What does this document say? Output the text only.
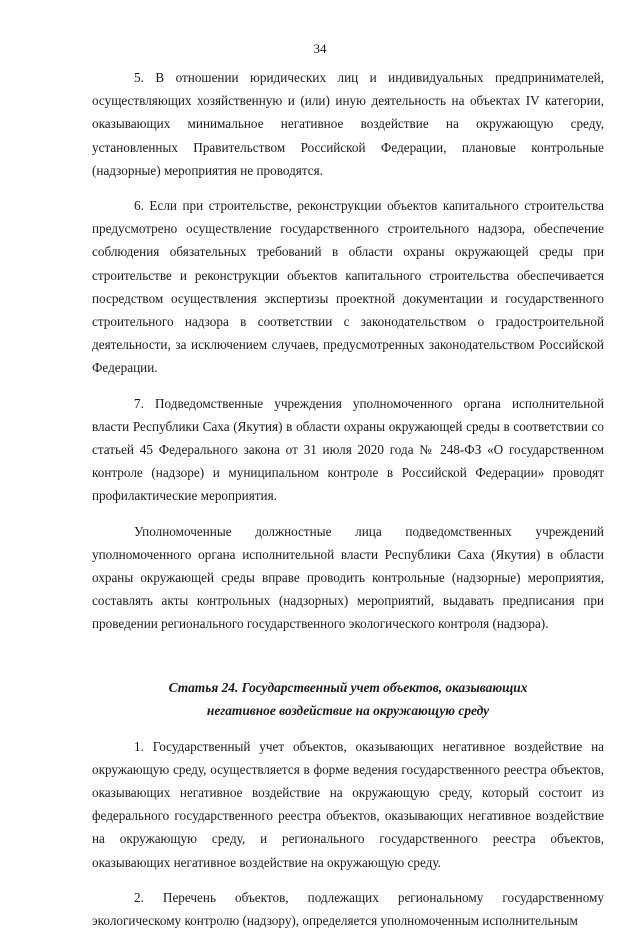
34

5. В отношении юридических лиц и индивидуальных предпринимателей, осуществляющих хозяйственную и (или) иную деятельность на объектах IV категории, оказывающих минимальное негативное воздействие на окружающую среду, установленных Правительством Российской Федерации, плановые контрольные (надзорные) мероприятия не проводятся.

6. Если при строительстве, реконструкции объектов капитального строительства предусмотрено осуществление государственного строительного надзора, обеспечение соблюдения обязательных требований в области охраны окружающей среды при строительстве и реконструкции объектов капитального строительства обеспечивается посредством осуществления экспертизы проектной документации и государственного строительного надзора в соответствии с законодательством о градостроительной деятельности, за исключением случаев, предусмотренных законодательством Российской Федерации.

7. Подведомственные учреждения уполномоченного органа исполнительной власти Республики Саха (Якутия) в области охраны окружающей среды в соответствии со статьей 45 Федерального закона от 31 июля 2020 года № 248-ФЗ «О государственном контроле (надзоре) и муниципальном контроле в Российской Федерации» проводят профилактические мероприятия.

Уполномоченные должностные лица подведомственных учреждений уполномоченного органа исполнительной власти Республики Саха (Якутия) в области охраны окружающей среды вправе проводить контрольные (надзорные) мероприятия, составлять акты контрольных (надзорных) мероприятий, выдавать предписания при проведении регионального государственного экологического контроля (надзора).

Статья 24. Государственный учет объектов, оказывающих
негативное воздействие на окружающую среду

1. Государственный учет объектов, оказывающих негативное воздействие на окружающую среду, осуществляется в форме ведения государственного реестра объектов, оказывающих негативное воздействие на окружающую среду, который состоит из федерального государственного реестра объектов, оказывающих негативное воздействие на окружающую среду, и регионального государственного реестра объектов, оказывающих негативное воздействие на окружающую среду.

2. Перечень объектов, подлежащих региональному государственному экологическому контролю (надзору), определяется уполномоченным исполнительным
